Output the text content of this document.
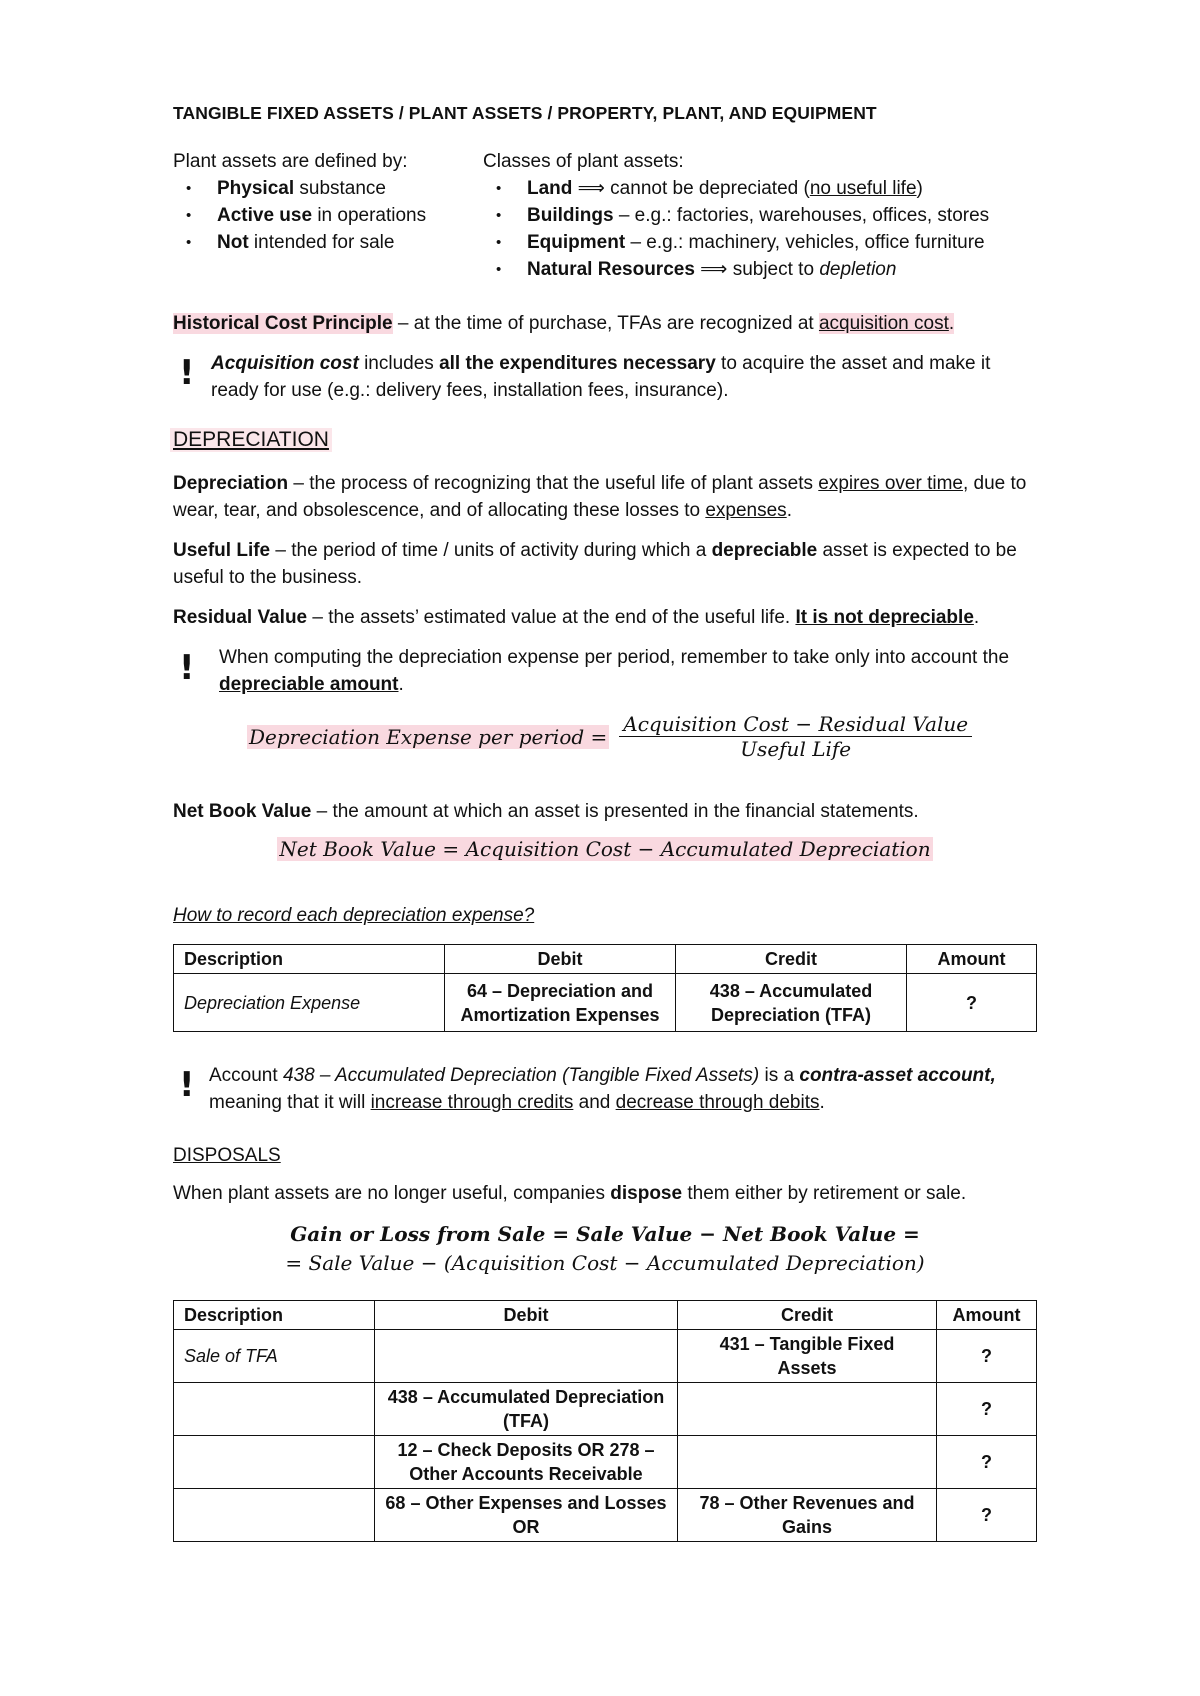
TANGIBLE FIXED ASSETS / PLANT ASSETS / PROPERTY, PLANT, AND EQUIPMENT
Plant assets are defined by:
• Physical substance
• Active use in operations
• Not intended for sale
Classes of plant assets:
• Land ⟹ cannot be depreciated (no useful life)
• Buildings – e.g.: factories, warehouses, offices, stores
• Equipment – e.g.: machinery, vehicles, office furniture
• Natural Resources ⟹ subject to depletion
Historical Cost Principle – at the time of purchase, TFAs are recognized at acquisition cost.
! Acquisition cost includes all the expenditures necessary to acquire the asset and make it ready for use (e.g.: delivery fees, installation fees, insurance).
DEPRECIATION
Depreciation – the process of recognizing that the useful life of plant assets expires over time, due to wear, tear, and obsolescence, and of allocating these losses to expenses.
Useful Life – the period of time / units of activity during which a depreciable asset is expected to be useful to the business.
Residual Value – the assets’ estimated value at the end of the useful life. It is not depreciable.
! When computing the depreciation expense per period, remember to take only into account the depreciable amount.
Depreciation Expense per period = $\frac{\text{Acquisition Cost − Residual Value}}{\text{Useful Life}}$
Net Book Value – the amount at which an asset is presented in the financial statements.
Net Book Value = Acquisition Cost − Accumulated Depreciation
How to record each depreciation expense?
Description	Debit	Credit	Amount
Depreciation Expense	64 – Depreciation and Amortization Expenses	438 – Accumulated Depreciation (TFA)	?
! Account 438 – Accumulated Depreciation (Tangible Fixed Assets) is a contra-asset account, meaning that it will increase through credits and decrease through debits.
DISPOSALS
When plant assets are no longer useful, companies dispose them either by retirement or sale.
Gain or Loss from Sale = Sale Value − Net Book Value =
= Sale Value − (Acquisition Cost − Accumulated Depreciation)
Description	Debit	Credit	Amount
Sale of TFA		431 – Tangible Fixed Assets	?
	438 – Accumulated Depreciation (TFA)		?
	12 – Check Deposits OR 278 – Other Accounts Receivable		?
	68 – Other Expenses and Losses OR	78 – Other Revenues and Gains	?
